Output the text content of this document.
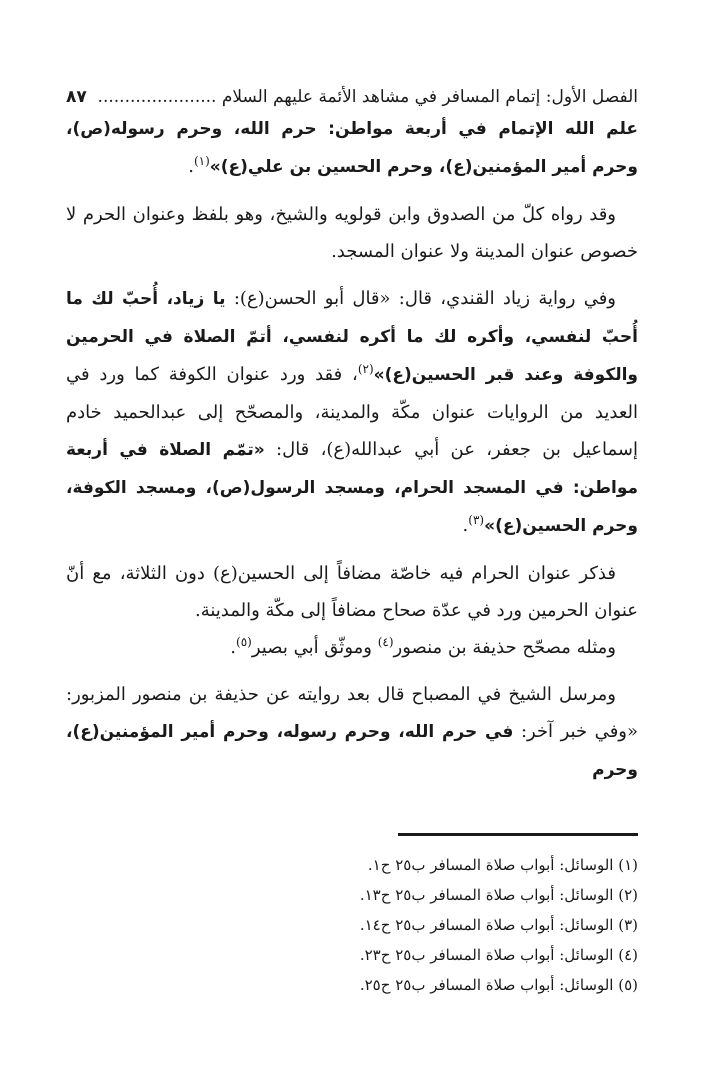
الفصل الأول: إتمام المسافر في مشاهد الأئمة عليهم السلام ......................
٨٧

علم الله الإتمام في أربعة مواطن: حرم الله، وحرم رسوله(ص)، وحرم أمير المؤمنين(ع)، وحرم الحسين بن علي(ع)»$^{(١)}$.

وقد رواه كلّ من الصدوق وابن قولويه والشيخ، وهو بلفظ وعنوان الحرم لا خصوص عنوان المدينة ولا عنوان المسجد.

وفي رواية زياد القندي، قال: «قال أبو الحسن(ع): يا زياد، أُحبّ لك ما أُحبّ لنفسي، وأكره لك ما أكره لنفسي، أتمّ الصلاة في الحرمين والكوفة وعند قبر الحسين(ع)»$^{(٢)}$، فقد ورد عنوان الكوفة كما ورد في العديد من الروايات عنوان مكّة والمدينة، والمصحّح إلى عبدالحميد خادم إسماعيل بن جعفر، عن أبي عبدالله(ع)، قال: «تمّم الصلاة في أربعة مواطن: في المسجد الحرام، ومسجد الرسول(ص)، ومسجد الكوفة، وحرم الحسين(ع)»$^{(٣)}$.

فذكر عنوان الحرام فيه خاصّة مضافاً إلى الحسين(ع) دون الثلاثة، مع أنّ عنوان الحرمين ورد في عدّة صحاح مضافاً إلى مكّة والمدينة.

ومثله مصحّح حذيفة بن منصور$^{(٤)}$ وموثّق أبي بصير$^{(٥)}$.

ومرسل الشيخ في المصباح قال بعد روايته عن حذيفة بن منصور المزبور: «وفي خبر آخر: في حرم الله، وحرم رسوله، وحرم أمير المؤمنين(ع)، وحرم

(١) الوسائل: أبواب صلاة المسافر ب٢٥ ح١.
(٢) الوسائل: أبواب صلاة المسافر ب٢٥ ح١٣.
(٣) الوسائل: أبواب صلاة المسافر ب٢٥ ح١٤.
(٤) الوسائل: أبواب صلاة المسافر ب٢٥ ح٢٣.
(٥) الوسائل: أبواب صلاة المسافر ب٢٥ ح٢٥.
